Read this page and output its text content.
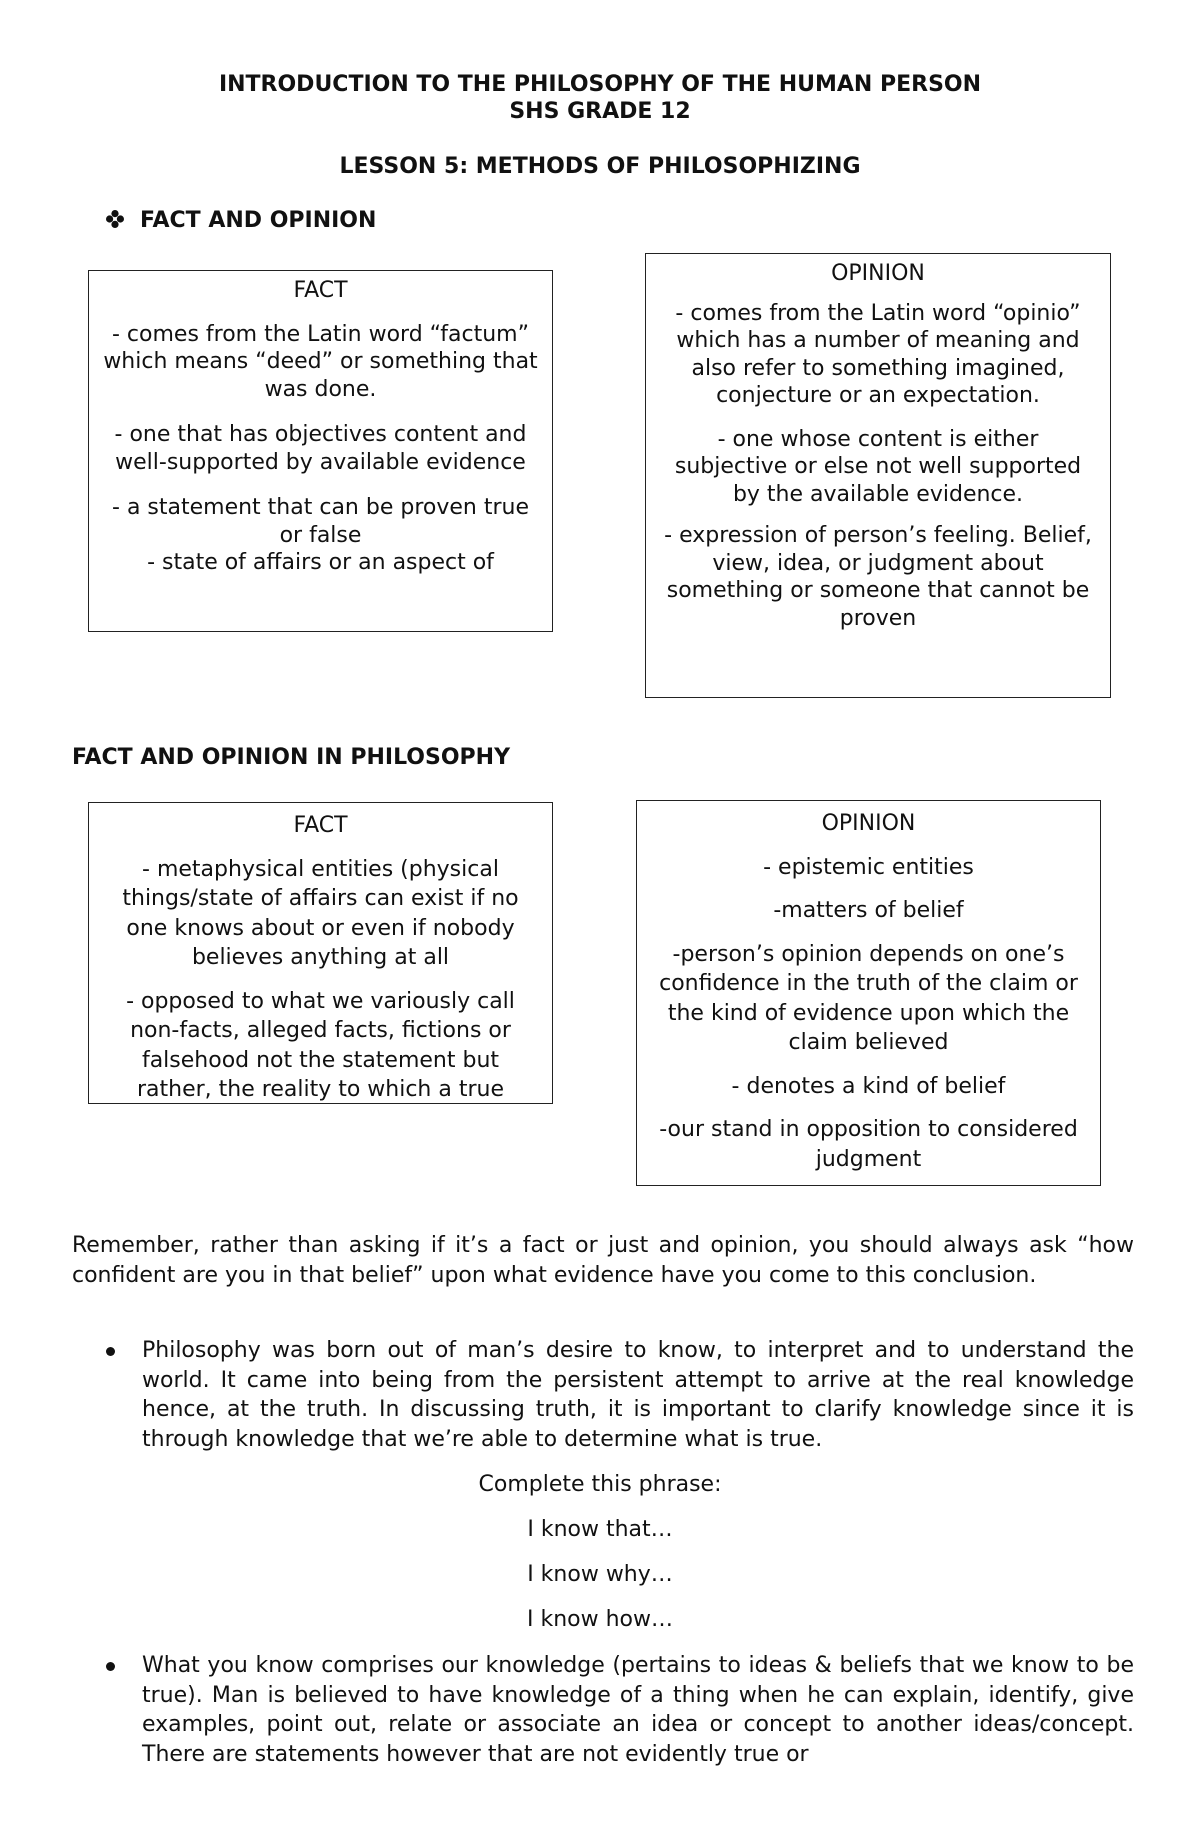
INTRODUCTION TO THE PHILOSOPHY OF THE HUMAN PERSON
SHS GRADE 12
LESSON 5: METHODS OF PHILOSOPHIZING
FACT AND OPINION
FACT

- comes from the Latin word “factum” which means “deed” or something that was done.

- one that has objectives content and well-supported by available evidence

- a statement that can be proven true or false

- state of affairs or an aspect of

OPINION

- comes from the Latin word “opinio” which has a number of meaning and also refer to something imagined, conjecture or an expectation.

- one whose content is either subjective or else not well supported by the available evidence.

- expression of person’s feeling. Belief, view, idea, or judgment about something or someone that cannot be proven

FACT AND OPINION IN PHILOSOPHY
FACT

- metaphysical entities (physical things/state of affairs can exist if no one knows about or even if nobody believes anything at all

- opposed to what we variously call non-facts, alleged facts, fictions or falsehood not the statement but rather, the reality to which a true

OPINION

- epistemic entities

-matters of belief

-person’s opinion depends on one’s confidence in the truth of the claim or the kind of evidence upon which the claim believed

- denotes a kind of belief

-our stand in opposition to considered judgment

Remember, rather than asking if it’s a fact or just and opinion, you should always ask “how confident are you in that belief” upon what evidence have you come to this conclusion.
Philosophy was born out of man’s desire to know, to interpret and to understand the world. It came into being from the persistent attempt to arrive at the real knowledge hence, at the truth. In discussing truth, it is important to clarify knowledge since it is through knowledge that we’re able to determine what is true.
Complete this phrase:
I know that…
I know why…
I know how…
What you know comprises our knowledge (pertains to ideas & beliefs that we know to be true). Man is believed to have knowledge of a thing when he can explain, identify, give examples, point out, relate or associate an idea or concept to another ideas/concept. There are statements however that are not evidently true or
